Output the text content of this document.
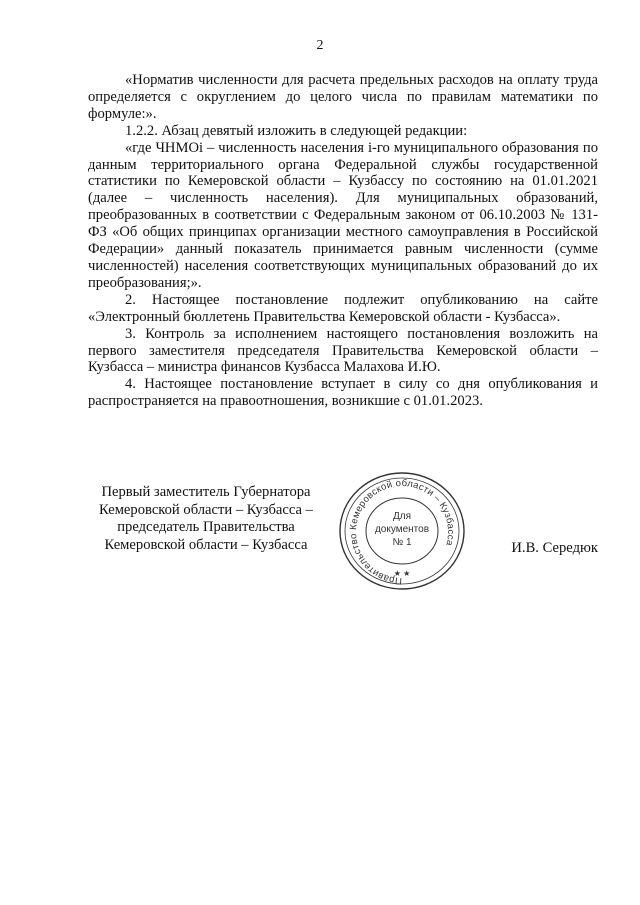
2

«Норматив численности для расчета предельных расходов на оплату труда определяется с округлением до целого числа по правилам математики по формуле:».

1.2.2. Абзац девятый изложить в следующей редакции:

«где ЧНМОi – численность населения i-го муниципального образования по данным территориального органа Федеральной службы государственной статистики по Кемеровской области – Кузбассу по состоянию на 01.01.2021 (далее – численность населения). Для муниципальных образований, преобразованных в соответствии с Федеральным законом от 06.10.2003 № 131-ФЗ «Об общих принципах организации местного самоуправления в Российской Федерации» данный показатель принимается равным численности (сумме численностей) населения соответствующих муниципальных образований до их преобразования;».

2. Настоящее постановление подлежит опубликованию на сайте «Электронный бюллетень Правительства Кемеровской области - Кузбасса».

3. Контроль за исполнением настоящего постановления возложить на первого заместителя председателя Правительства Кемеровской области – Кузбасса – министра финансов Кузбасса Малахова И.Ю.

4. Настоящее постановление вступает в силу со дня опубликования и распространяется на правоотношения, возникшие с 01.01.2023.

Первый заместитель Губернатора
Кемеровской области – Кузбасса –
председатель Правительства
Кемеровской области – Кузбасса
Правительство Кемеровской области – Кузбасса
Для
документов
№ 1
★ ★
И.В. Середюк
